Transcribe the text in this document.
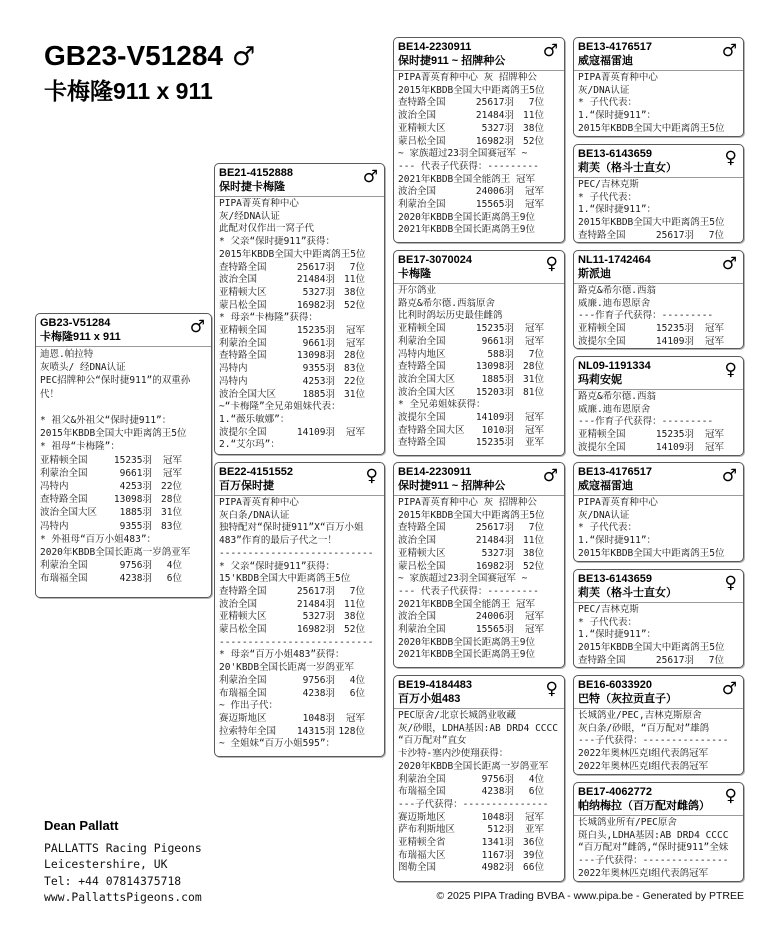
GB23-V51284 ♂
卡梅隆911 x 911
GB23-V51284	♂
卡梅隆911 x 911
迪恩.帕拉特
灰喷头/ 经DNA认证
PEC招牌种公“保时捷911”的双重孙
代！
* 祖父&外祖父“保时捷911”：
2015年KBDB全国大中距离鸽王5位
* 祖母“卡梅隆”：
亚精顿全国	15235羽	冠军
利蒙治全国	9661羽	冠军
冯特内	4253羽 22位
查特路全国	13098羽 28位
波治全国大区	1885羽 31位
冯特内	9355羽 83位
* 外祖母“百万小姐483”：
2020年KBDB全国长距离一岁鸽亚军
利蒙治全国	9756羽	4位
布瑞福全国	4238羽	6位
BE21-4152888	♂
保时捷卡梅隆
PIPA菁英育种中心
灰/经DNA认证
此配对仅作出一窝子代
* 父亲“保时捷911”获得：
2015年KBDB全国大中距离鸽王5位
查特路全国	25617羽	7位
波治全国	21484羽 11位
亚精顿大区	5327羽 38位
蒙吕松全国	16982羽 52位
* 母亲“卡梅隆”获得：
亚精顿全国	15235羽	冠军
利蒙治全国	9661羽	冠军
查特路全国	13098羽 28位
冯特内	9355羽 83位
冯特内	4253羽 22位
波治全国大区	1885羽 31位
~“卡梅隆”全兄弟姐妹代表：
1.“薇乐敏娜”：
波提尔全国	14109羽	冠军
2.“艾尔玛”：
BE22-4151552	♀
百万保时捷
PIPA菁英育种中心
灰白条/DNA认证
独特配对“保时捷911”X“百万小姐
483”作育的最后子代之一！
---------------------------
* 父亲“保时捷911”获得：
15'KBDB全国大中距离鸽王5位
查特路全国	25617羽	7位
波治全国	21484羽 11位
亚精顿大区	5327羽 38位
蒙吕松全国	16982羽 52位
---------------------------
* 母亲“百万小姐483”获得：
20'KBDB全国长距离一岁鸽亚军
利蒙治全国	9756羽	4位
布瑞福全国	4238羽	6位
~ 作出子代：
赛迈斯地区	1048羽	冠军
拉索特年全国	14315羽 128位
~ 全姐妹“百万小姐595”：
BE14-2230911	♂
保时捷911 ~ 招牌种公
PIPA菁英育种中心 灰 招牌种公
2015年KBDB全国大中距离鸽王5位
查特路全国	25617羽	7位
波治全国	21484羽 11位
亚精顿大区	5327羽 38位
蒙吕松全国	16982羽 52位
~ 家族超过23羽全国赛冠军 ~
--- 代表子代获得：---------
2021年KBDB全国全能鸽王 冠军
波治全国	24006羽	冠军
利蒙治全国	15565羽	冠军
2020年KBDB全国长距离鸽王9位
2021年KBDB全国长距离鸽王9位
BE17-3070024	♀
卡梅隆
开尔鸽业
路克&希尔德.西翁原舍
比利时鸽坛历史最佳雌鸽
亚精顿全国	15235羽	冠军
利蒙治全国	9661羽	冠军
冯特内地区	588羽	7位
查特路全国	13098羽 28位
波治全国大区	1885羽 31位
波治全国大区	15203羽 81位
* 全兄弟姐妹获得：
波提尔全国	14109羽	冠军
查特路全国大区	1010羽	冠军
查特路全国	15235羽	亚军
BE14-2230911	♂
保时捷911 ~ 招牌种公
PIPA菁英育种中心 灰 招牌种公
2015年KBDB全国大中距离鸽王5位
查特路全国	25617羽	7位
波治全国	21484羽 11位
亚精顿大区	5327羽 38位
蒙吕松全国	16982羽 52位
~ 家族超过23羽全国赛冠军 ~
--- 代表子代获得：---------
2021年KBDB全国全能鸽王 冠军
波治全国	24006羽	冠军
利蒙治全国	15565羽	冠军
2020年KBDB全国长距离鸽王9位
2021年KBDB全国长距离鸽王9位
BE19-4184483	♀
百万小姐483
PEC原舍/北京长城鸽业收藏
灰/砂眼，LDHA基因:AB DRD4 CCCC
“百万配对”直女
卡沙特-塞内沙使翔获得：
2020年KBDB全国长距离一岁鸽亚军
利蒙治全国	9756羽	4位
布瑞福全国	4238羽	6位
---子代获得：---------------
赛迈斯地区	1048羽	冠军
萨布利斯地区	512羽	亚军
亚精顿全省	1341羽 36位
布瑞福大区	1167羽 39位
图勒全国	4982羽 66位
BE13-4176517	♂
威寇福雷迪
PIPA菁英育种中心
灰/DNA认证
* 子代代表：
1.“保时捷911”：
2015年KBDB全国大中距离鸽王5位
BE13-6143659	♀
莉芙（格斗士直女）
PEC/吉林克斯
* 子代代表：
1.“保时捷911”：
2015年KBDB全国大中距离鸽王5位
查特路全国	25617羽	7位
NL11-1742464	♂
斯派迪
路克&希尔德.西翁
威廉.迪布恩原舍
---作育子代获得：---------
亚精顿全国	15235羽	冠军
波提尔全国	14109羽	冠军
NL09-1191334	♀
玛莉安妮
路克&希尔德.西翁
威廉.迪布恩原舍
---作育子代获得：---------
亚精顿全国	15235羽	冠军
波提尔全国	14109羽	冠军
BE13-4176517	♂
威寇福雷迪
PIPA菁英育种中心
灰/DNA认证
* 子代代表：
1.“保时捷911”：
2015年KBDB全国大中距离鸽王5位
BE13-6143659	♀
莉芙（格斗士直女）
PEC/吉林克斯
* 子代代表：
1.“保时捷911”：
2015年KBDB全国大中距离鸽王5位
查特路全国	25617羽	7位
BE16-6033920	♂
巴特（灰拉贡直子）
长城鸽业/PEC,吉林克斯原舍
灰白条/砂眼，“百万配对”雄鸽
---子代获得：---------------
2022年奥林匹克Ⅰ组代表鸽冠军
2022年奥林匹克Ⅰ组代表鸽冠军
BE17-4062772	♀
帕纳梅拉（百万配对雌鸽）
长城鸽业所有/PEC原舍
斑白头,LDHA基因:AB DRD4 CCCC
“百万配对”雌鸽,“保时捷911”全妹
---子代获得：---------------
2022年奥林匹克Ⅰ组代表鸽冠军
Dean Pallatt
PALLATTS Racing Pigeons
Leicestershire, UK
Tel: +44 07814375718
www.PallattsPigeons.com	© 2025 PIPA Trading BVBA - www.pipa.be - Generated by PTREE
